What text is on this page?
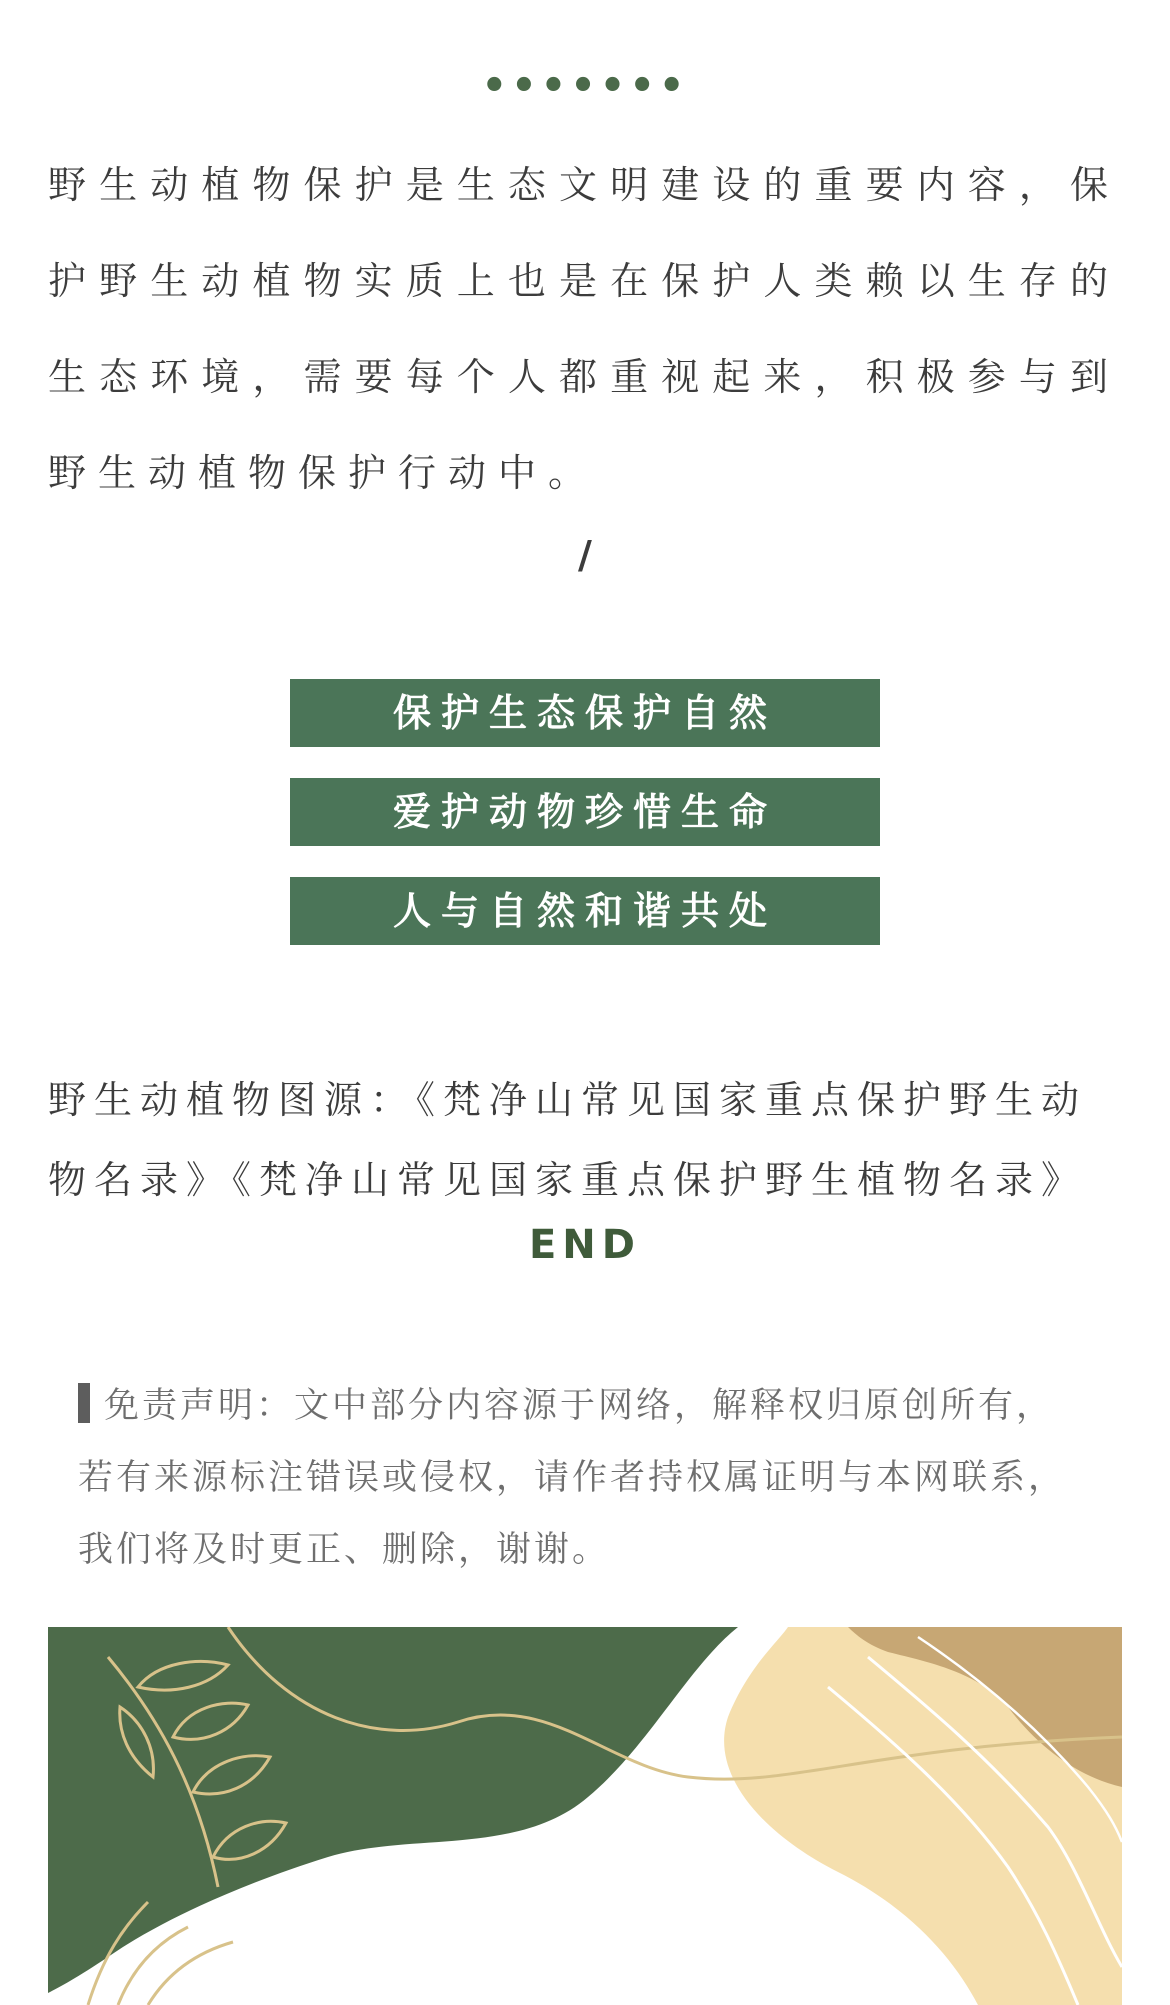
•••••••

野生动植物保护是生态文明建设的重要内容，保护野生动植物实质上也是在保护人类赖以生存的生态环境，需要每个人都重视起来，积极参与到野生动植物保护行动中。

/
保护生态保护自然
爱护动物珍惜生命
人与自然和谐共处

野生动植物图源：《梵净山常见国家重点保护野生动物名录》《梵净山常见国家重点保护野生植物名录》

END

免责声明：文中部分内容源于网络，解释权归原创所有，若有来源标注错误或侵权，请作者持权属证明与本网联系，我们将及时更正、删除，谢谢。
